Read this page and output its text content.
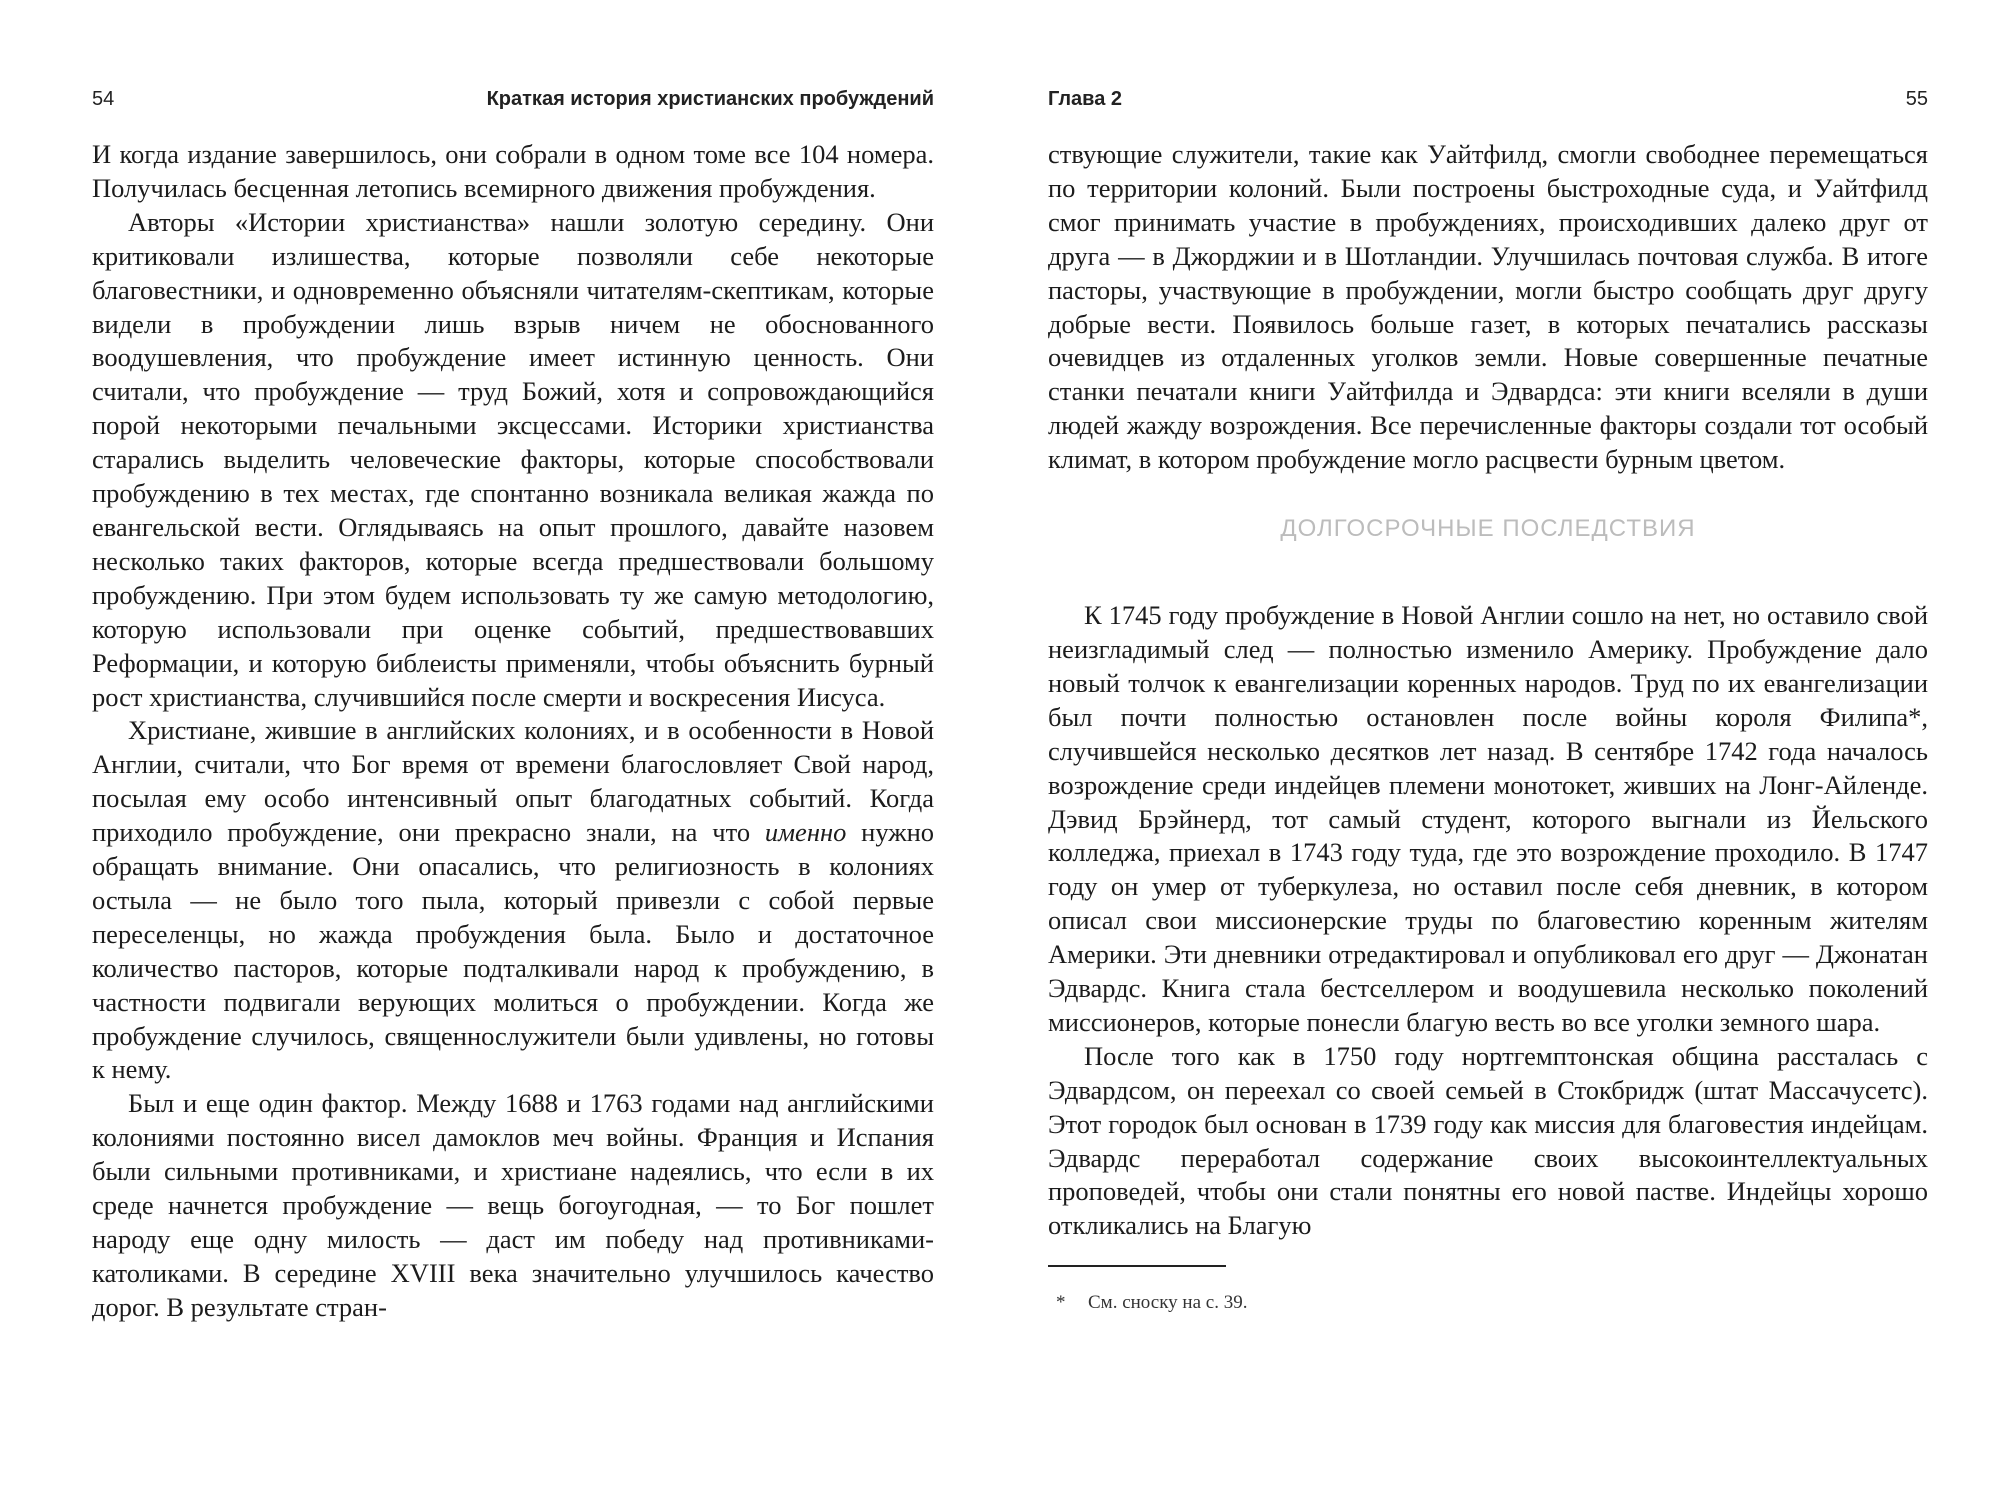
54	Краткая история христианских пробуждений

И когда издание завершилось, они собрали в одном томе все 104 номера. Получилась бесценная летопись всемирного движения пробуждения.

Авторы «Истории христианства» нашли золотую середину. Они критиковали излишества, которые позволяли себе некоторые благовестники, и одновременно объясняли читателям-скептикам, которые видели в пробуждении лишь взрыв ничем не обоснованного воодушевления, что пробуждение имеет истинную ценность. Они считали, что пробуждение — труд Божий, хотя и сопровождающийся порой некоторыми печальными эксцессами. Историки христианства старались выделить человеческие факторы, которые способствовали пробуждению в тех местах, где спонтанно возникала великая жажда по евангельской вести. Оглядываясь на опыт прошлого, давайте назовем несколько таких факторов, которые всегда предшествовали большому пробуждению. При этом будем использовать ту же самую методологию, которую использовали при оценке событий, предшествовавших Реформации, и которую библеисты применяли, чтобы объяснить бурный рост христианства, случившийся после смерти и воскресения Иисуса.

Христиане, жившие в английских колониях, и в особенности в Новой Англии, считали, что Бог время от времени благословляет Свой народ, посылая ему особо интенсивный опыт благодатных событий. Когда приходило пробуждение, они прекрасно знали, на что именно нужно обращать внимание. Они опасались, что религиозность в колониях остыла — не было того пыла, который привезли с собой первые переселенцы, но жажда пробуждения была. Было и достаточное количество пасторов, которые подталкивали народ к пробуждению, в частности подвигали верующих молиться о пробуждении. Когда же пробуждение случилось, священнослужители были удивлены, но готовы к нему.

Был и еще один фактор. Между 1688 и 1763 годами над английскими колониями постоянно висел дамоклов меч войны. Франция и Испания были сильными противниками, и христиане надеялись, что если в их среде начнется пробуждение — вещь богоугодная, — то Бог пошлет народу еще одну милость — даст им победу над противниками-католиками. В середине XVIII века значительно улучшилось качество дорог. В результате стран-

Глава 2	55

ствующие служители, такие как Уайтфилд, смогли свободнее перемещаться по территории колоний. Были построены быстроходные суда, и Уайтфилд смог принимать участие в пробуждениях, происходивших далеко друг от друга — в Джорджии и в Шотландии. Улучшилась почтовая служба. В итоге пасторы, участвующие в пробуждении, могли быстро сообщать друг другу добрые вести. Появилось больше газет, в которых печатались рассказы очевидцев из отдаленных уголков земли. Новые совершенные печатные станки печатали книги Уайтфилда и Эдвардса: эти книги вселяли в души людей жажду возрождения. Все перечисленные факторы создали тот особый климат, в котором пробуждение могло расцвести бурным цветом.

ДОЛГОСРОЧНЫЕ ПОСЛЕДСТВИЯ

К 1745 году пробуждение в Новой Англии сошло на нет, но оставило свой неизгладимый след — полностью изменило Америку. Пробуждение дало новый толчок к евангелизации коренных народов. Труд по их евангелизации был почти полностью остановлен после войны короля Филипа*, случившейся несколько десятков лет назад. В сентябре 1742 года началось возрождение среди индейцев племени монотокет, живших на Лонг-Айленде. Дэвид Брэйнерд, тот самый студент, которого выгнали из Йельского колледжа, приехал в 1743 году туда, где это возрождение проходило. В 1747 году он умер от туберкулеза, но оставил после себя дневник, в котором описал свои миссионерские труды по благовестию коренным жителям Америки. Эти дневники отредактировал и опубликовал его друг — Джонатан Эдвардс. Книга стала бестселлером и воодушевила несколько поколений миссионеров, которые понесли благую весть во все уголки земного шара.

После того как в 1750 году нортгемптонская община рассталась с Эдвардсом, он переехал со своей семьей в Стокбридж (штат Массачусетс). Этот городок был основан в 1739 году как миссия для благовестия индейцам. Эдвардс переработал содержание своих высокоинтеллектуальных проповедей, чтобы они стали понятны его новой пастве. Индейцы хорошо откликались на Благую

* См. сноску на с. 39.
